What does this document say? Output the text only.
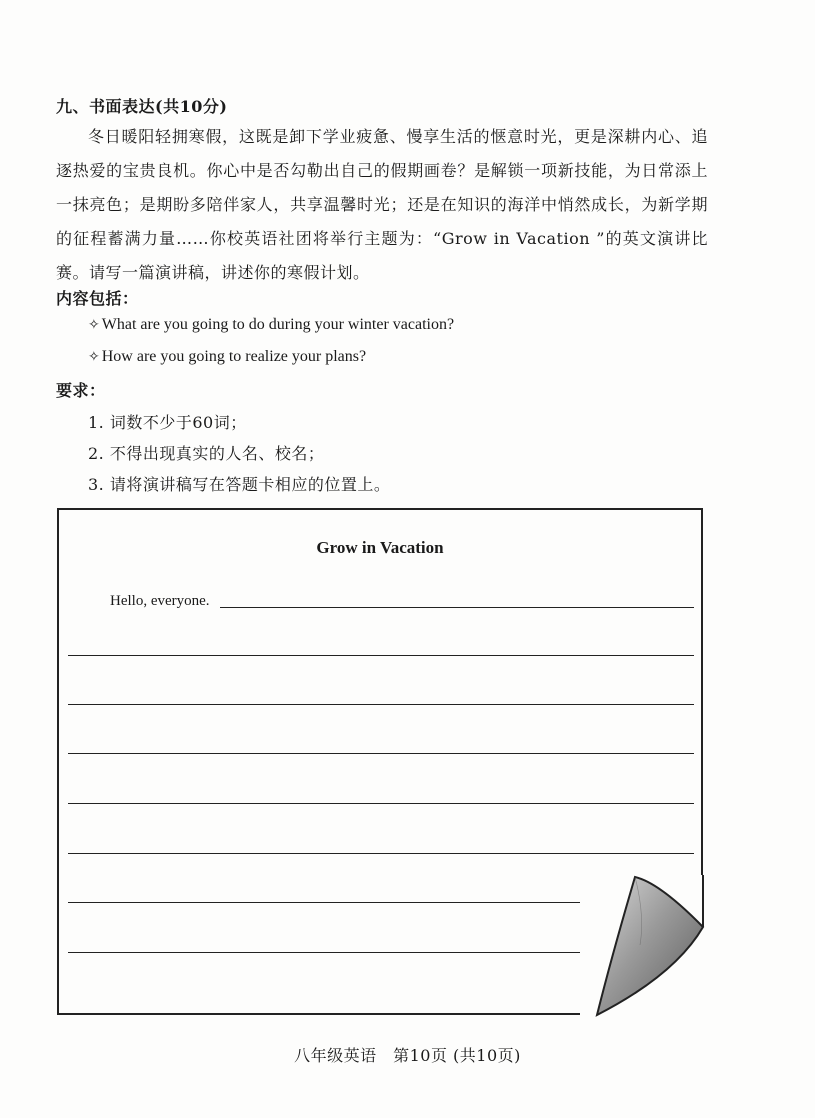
九、书面表达(共10分)
冬日暖阳轻拥寒假，这既是卸下学业疲惫、慢享生活的惬意时光，更是深耕内心、追逐热爱的宝贵良机。你心中是否勾勒出自己的假期画卷？是解锁一项新技能，为日常添上一抹亮色；是期盼多陪伴家人，共享温馨时光；还是在知识的海洋中悄然成长，为新学期的征程蓄满力量……你校英语社团将举行主题为：“Grow in Vacation ”的英文演讲比赛。请写一篇演讲稿，讲述你的寒假计划。
内容包括：
✧ What are you going to do during your winter vacation?
✧ How are you going to realize your plans?
要求：
1. 词数不少于60词；
2. 不得出现真实的人名、校名；
3. 请将演讲稿写在答题卡相应的位置上。
Grow in Vacation
Hello, everyone.
八年级英语　第10页 (共10页)
